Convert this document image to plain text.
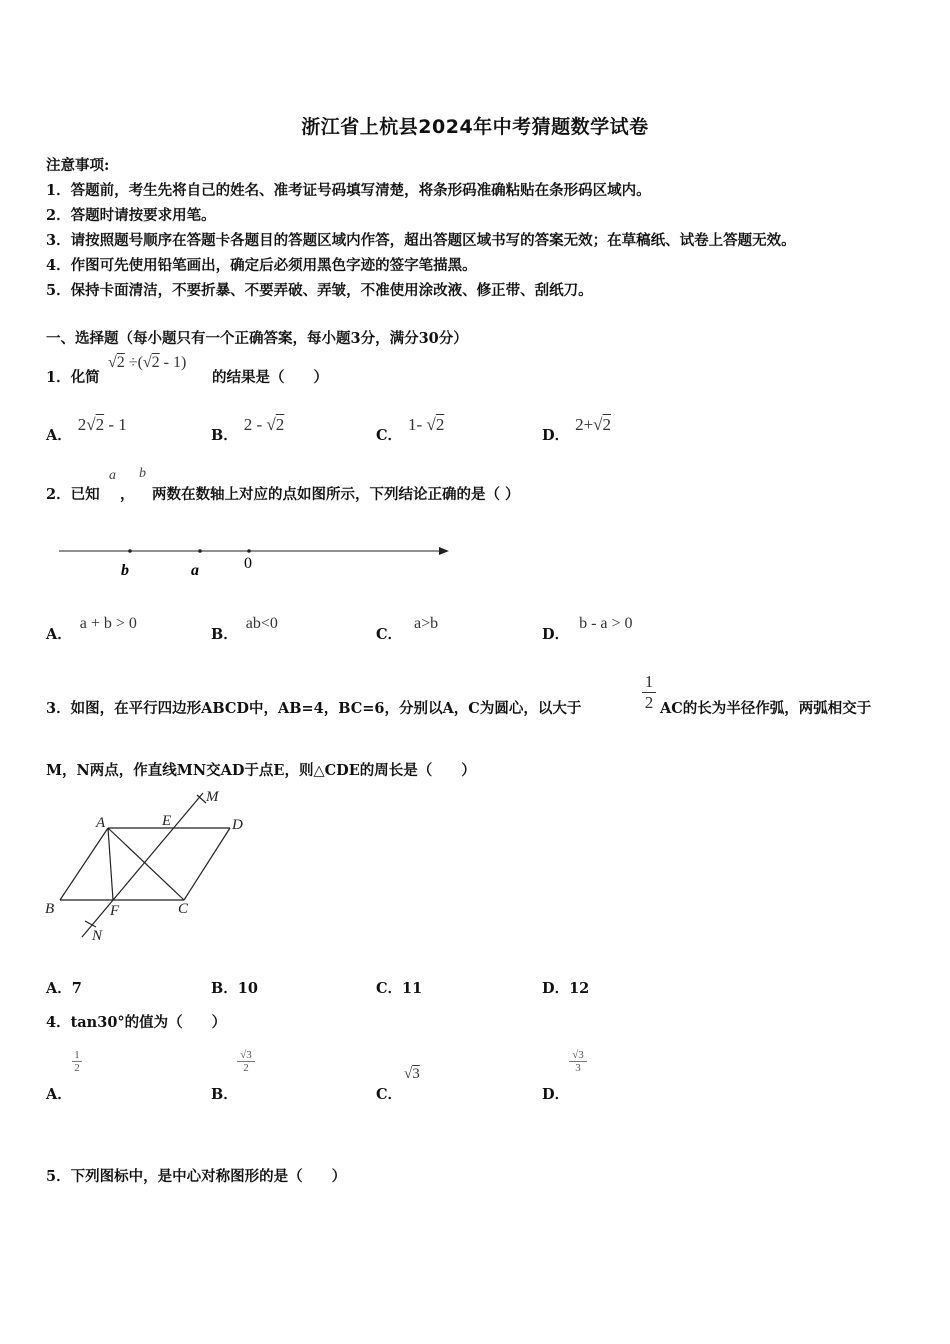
浙江省上杭县2024年中考猜题数学试卷
注意事项:
1．答题前，考生先将自己的姓名、准考证号码填写清楚，将条形码准确粘贴在条形码区域内。
2．答题时请按要求用笔。
3．请按照题号顺序在答题卡各题目的答题区域内作答，超出答题区域书写的答案无效；在草稿纸、试卷上答题无效。
4．作图可先使用铅笔画出，确定后必须用黑色字迹的签字笔描黑。
5．保持卡面清洁，不要折暴、不要弄破、弄皱，不准使用涂改液、修正带、刮纸刀。
一、选择题（每小题只有一个正确答案，每小题3分，满分30分）
1．化简
√2 ÷(√2 - 1)
的结果是（　　）
A．2√2 - 1
B．2 - √2
C．1- √2
D．2+√2
2．已知
a
，
b
两数在数轴上对应的点如图所示，下列结论正确的是（ ）
b	a	0
A．a + b > 0
B．ab<0
C．a>b
D．b - a > 0
3．如图，在平行四边形ABCD中，AB=4，BC=6，分别以A，C为圆心，以大于	$\frac{1}{2}$ AC的长为半径作弧，两弧相交于
M，N两点，作直线MN交AD于点E，则△CDE的周长是（　　）
A	E	D
B	F	C
M
N
A．7	B．10	C．11	D．12
4．tan30°的值为（　　）
A．
1
2
B．
√3
2
C．
√3
D．
√3
3
5．下列图标中，是中心对称图形的是（　　）
